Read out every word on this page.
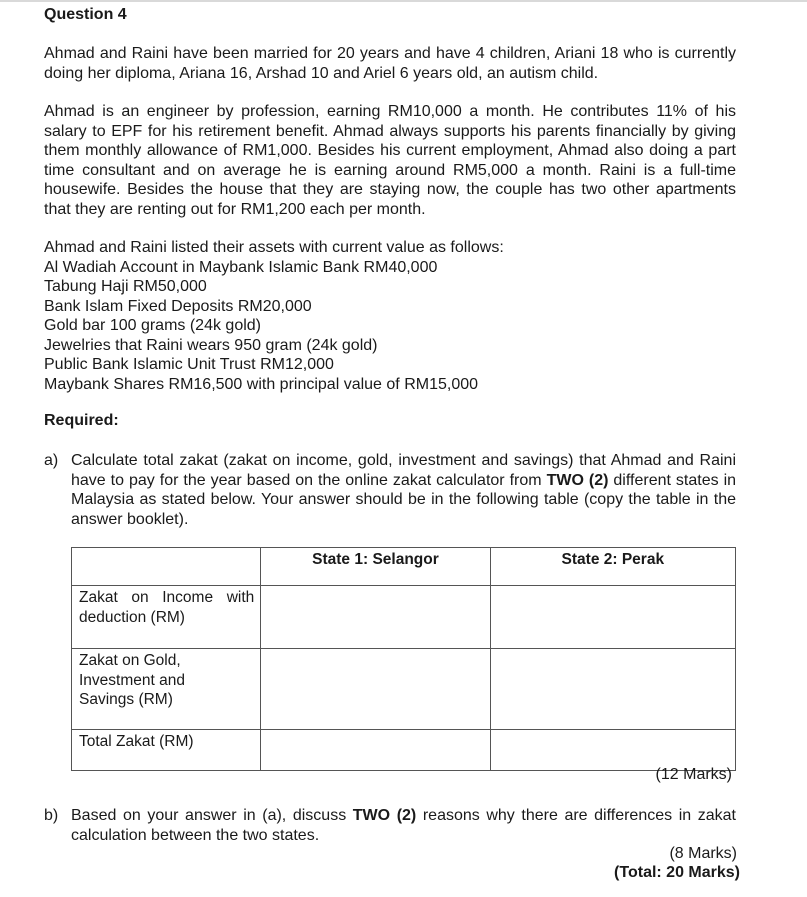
Question 4

Ahmad and Raini have been married for 20 years and have 4 children, Ariani 18 who is currently doing her diploma, Ariana 16, Arshad 10 and Ariel 6 years old, an autism child.

Ahmad is an engineer by profession, earning RM10,000 a month. He contributes 11% of his salary to EPF for his retirement benefit. Ahmad always supports his parents financially by giving them monthly allowance of RM1,000. Besides his current employment, Ahmad also doing a part time consultant and on average he is earning around RM5,000 a month. Raini is a full-time housewife. Besides the house that they are staying now, the couple has two other apartments that they are renting out for RM1,200 each per month.

Ahmad and Raini listed their assets with current value as follows:
Al Wadiah Account in Maybank Islamic Bank RM40,000
Tabung Haji RM50,000
Bank Islam Fixed Deposits RM20,000
Gold bar 100 grams (24k gold)
Jewelries that Raini wears 950 gram (24k gold)
Public Bank Islamic Unit Trust RM12,000
Maybank Shares RM16,500 with principal value of RM15,000
Required:
a) Calculate total zakat (zakat on income, gold, investment and savings) that Ahmad and Raini have to pay for the year based on the online zakat calculator from TWO (2) different states in Malaysia as stated below. Your answer should be in the following table (copy the table in the answer booklet).

	State 1: Selangor	State 2: Perak

Zakat on Income with deduction (RM)		

Zakat on Gold, Investment and Savings (RM)		

Total Zakat (RM)		

(12 Marks)
b) Based on your answer in (a), discuss TWO (2) reasons why there are differences in zakat calculation between the two states.

(8 Marks)
(Total: 20 Marks)
